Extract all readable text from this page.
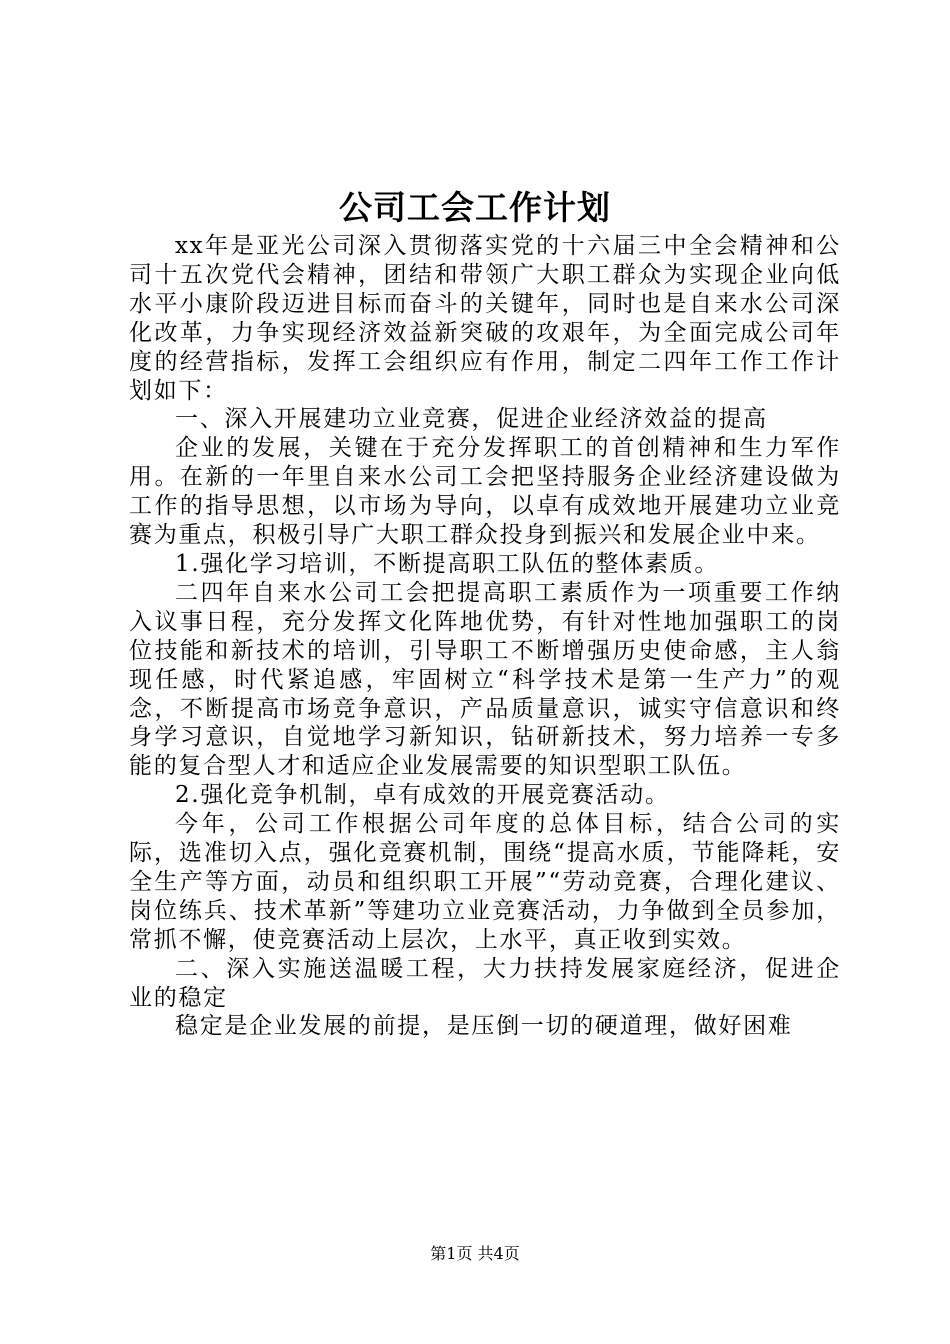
公司工会工作计划

xx年是亚光公司深入贯彻落实党的十六届三中全会精神和公司十五次党代会精神，团结和带领广大职工群众为实现企业向低水平小康阶段迈进目标而奋斗的关键年，同时也是自来水公司深化改革，力争实现经济效益新突破的攻艰年，为全面完成公司年度的经营指标，发挥工会组织应有作用，制定二四年工作工作计划如下：

一、深入开展建功立业竞赛，促进企业经济效益的提高

企业的发展，关键在于充分发挥职工的首创精神和生力军作用。在新的一年里自来水公司工会把坚持服务企业经济建设做为工作的指导思想，以市场为导向，以卓有成效地开展建功立业竞赛为重点，积极引导广大职工群众投身到振兴和发展企业中来。

1.强化学习培训，不断提高职工队伍的整体素质。

二四年自来水公司工会把提高职工素质作为一项重要工作纳入议事日程，充分发挥文化阵地优势，有针对性地加强职工的岗位技能和新技术的培训，引导职工不断增强历史使命感，主人翁现任感，时代紧追感，牢固树立“科学技术是第一生产力”的观念，不断提高市场竞争意识，产品质量意识，诚实守信意识和终身学习意识，自觉地学习新知识，钻研新技术，努力培养一专多能的复合型人才和适应企业发展需要的知识型职工队伍。

2.强化竞争机制，卓有成效的开展竞赛活动。

今年，公司工作根据公司年度的总体目标，结合公司的实际，选准切入点，强化竞赛机制，围绕“提高水质，节能降耗，安全生产等方面，动员和组织职工开展”“劳动竞赛，合理化建议、岗位练兵、技术革新”等建功立业竞赛活动，力争做到全员参加，常抓不懈，使竞赛活动上层次，上水平，真正收到实效。

二、深入实施送温暖工程，大力扶持发展家庭经济，促进企业的稳定

稳定是企业发展的前提，是压倒一切的硬道理，做好困难

第1页 共4页
